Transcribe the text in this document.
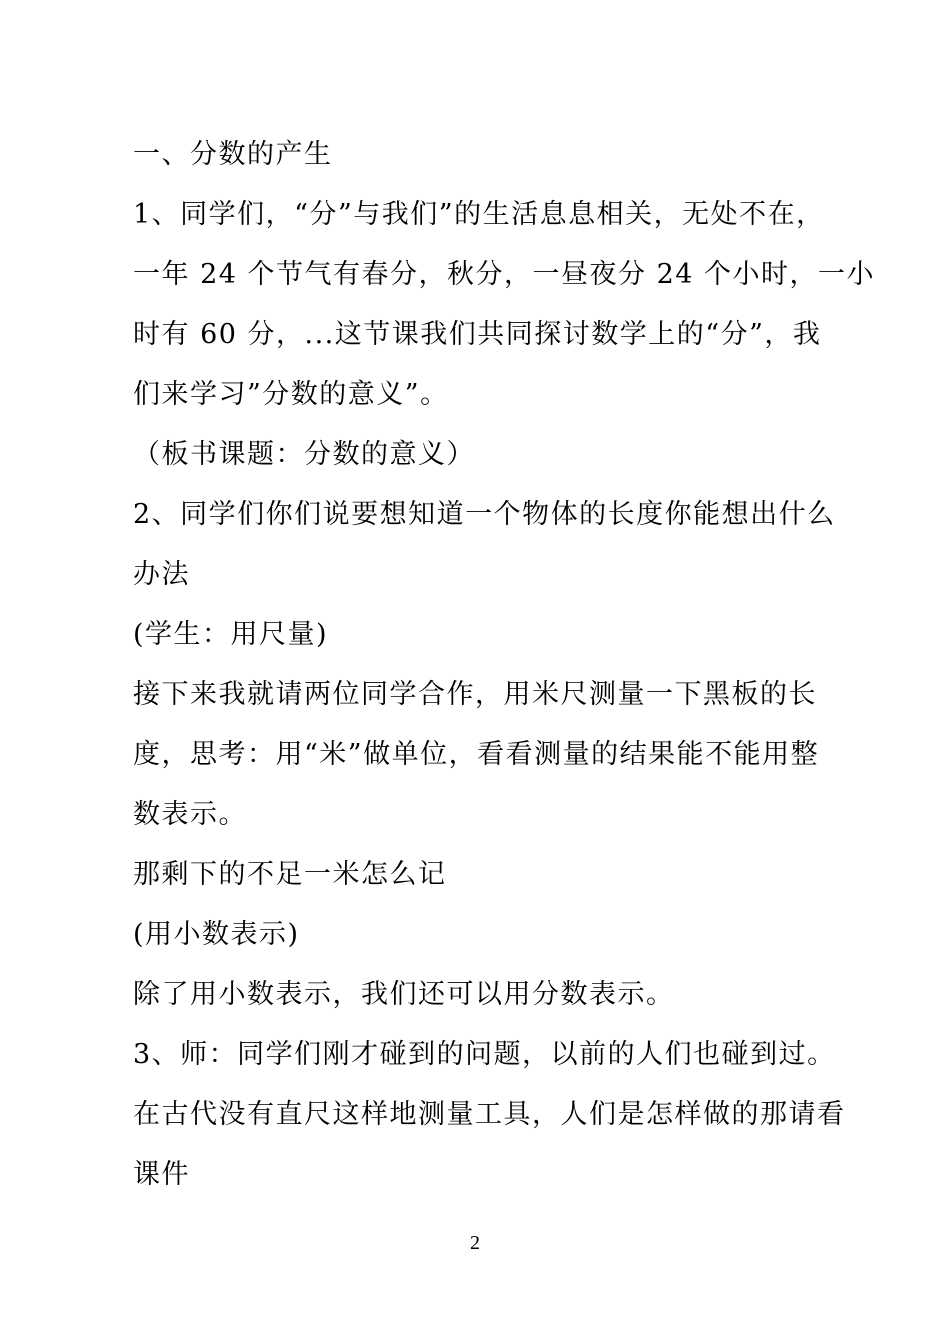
一、分数的产生
1、同学们，“分”与我们”的生活息息相关，无处不在，
一年 24 个节气有春分，秋分，一昼夜分 24 个小时，一小
时有 60 分，...这节课我们共同探讨数学上的“分”，我
们来学习”分数的意义”。
（板书课题：分数的意义）
2、同学们你们说要想知道一个物体的长度你能想出什么
办法
(学生：用尺量)
接下来我就请两位同学合作，用米尺测量一下黑板的长
度，思考：用“米”做单位，看看测量的结果能不能用整
数表示。
那剩下的不足一米怎么记
(用小数表示)
除了用小数表示，我们还可以用分数表示。
3、师：同学们刚才碰到的问题，以前的人们也碰到过。
在古代没有直尺这样地测量工具，人们是怎样做的那请看
课件
2
